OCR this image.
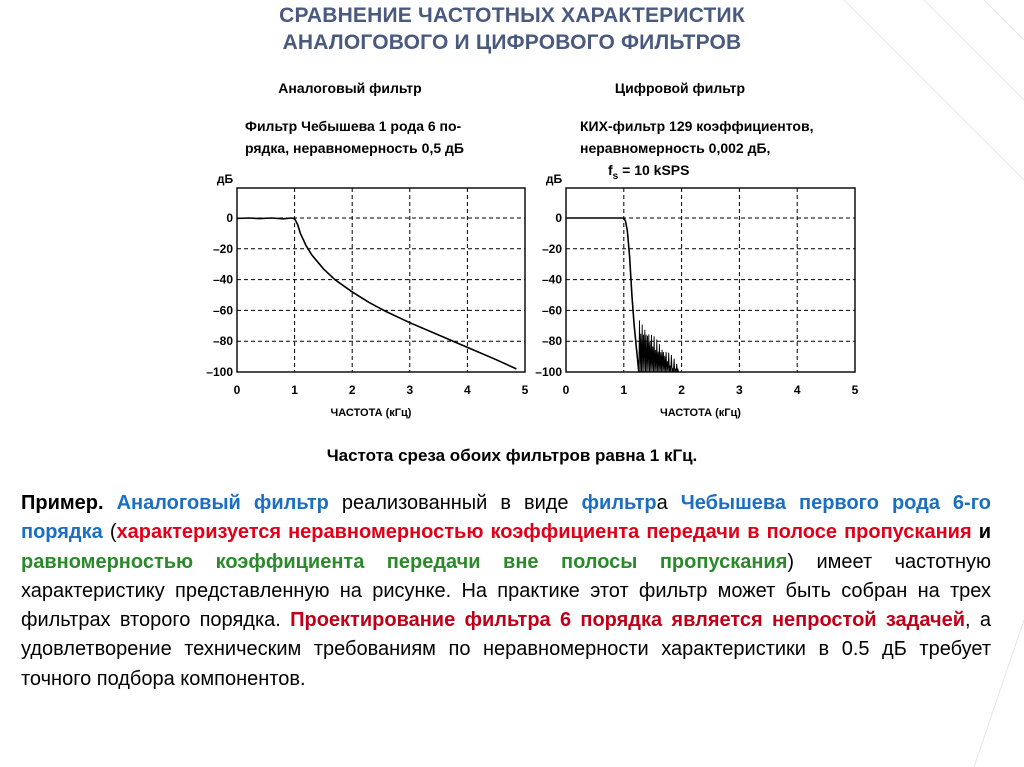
СРАВНЕНИЕ ЧАСТОТНЫХ ХАРАКТЕРИСТИК
АНАЛОГОВОГО И ЦИФРОВОГО ФИЛЬТРОВ
0	1	2	3	4	5
0
–20
–40
–60
–80
–100
дБ
ЧАСТОТА (кГц)
Аналоговый фильтр
Фильтр Чебышева 1 рода 6 по-
рядка, неравномерность 0,5 дБ
0	1	2	3	4	5
0
–20
–40
–60
–80
–100
дБ
ЧАСТОТА (кГц)
Цифровой фильтр
КИХ-фильтр 129 коэффициентов,
неравномерность 0,002 дБ,
$f_s = 10$ kSPS
Частота среза обоих фильтров равна 1 кГц.
Пример. Аналоговый фильтр реализованный в виде фильтра Чебышева первого рода 6-го порядка (характеризуется неравномерностью коэффициента передачи в полосе пропускания и равномерностью коэффициента передачи вне полосы пропускания) имеет частотную характеристику представленную на рисунке. На практике этот фильтр может быть собран на трех фильтрах второго порядка. Проектирование фильтра 6 порядка является непростой задачей, а удовлетворение техническим требованиям по неравномерности характеристики в 0.5 дБ требует точного подбора компонентов.
